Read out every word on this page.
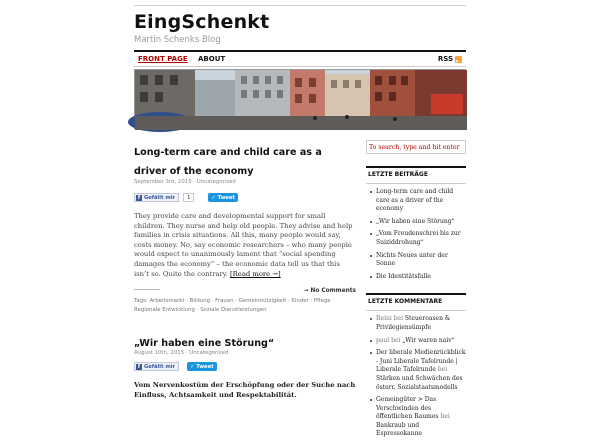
EingSchenkt
Martin Schenks Blog
FRONT PAGE ABOUT	RSS
Long-term care and child care as a driver of the economy
September 3rd, 2015 · Uncategorized
f Gefällt mir	1	✓
Tweet
They provide care and developmental support for small children. They nurse and help old people. They advise and help families in crisis situations. All this, many people would say, costs money. No, say economic researchers – who many people would expect to unanimously lament that “social spending damages the economy” – the economic data tell us that this isn’t so. Quite the contrary. [Read more →]
→ No Comments
Tags: Arbeitsmarkt · Bildung · Frauen · Gemeinnützigkeit · Kinder · Pflege · Regionale Entwicklung · Soziale Dienstleistungen
„Wir haben eine Störung“
August 10th, 2015 · Uncategorized
f Gefällt mir	✓
Tweet
Vom Nervenkostüm der Erschöpfung oder der Suche nach Einfluss, Achtsamkeit und Respektabilität.
To search, type and hit enter
LETZTE BEITRÄGE
Long-term care and child care as a driver of the economy
„Wir haben eine Störung“
„Vom Freudenschrei bis zur Suiziddrohung“
Nichts Neues unter der Sonne
Die Identitätsfalle
LETZTE KOMMENTARE
Reini bei Steueroasen & Privilegiensümpfe
paul bei „Wir waren naiv“
Der liberale Medienrückblick - Juni Liberale Tafelrunde | Liberale Tafelrunde bei Stärken und Schwächen des österr. Sozialstaatsmodells
Gemeingüter > Das Verschwinden des öffentlichen Raumes bei Bankraub und Espressokanne
